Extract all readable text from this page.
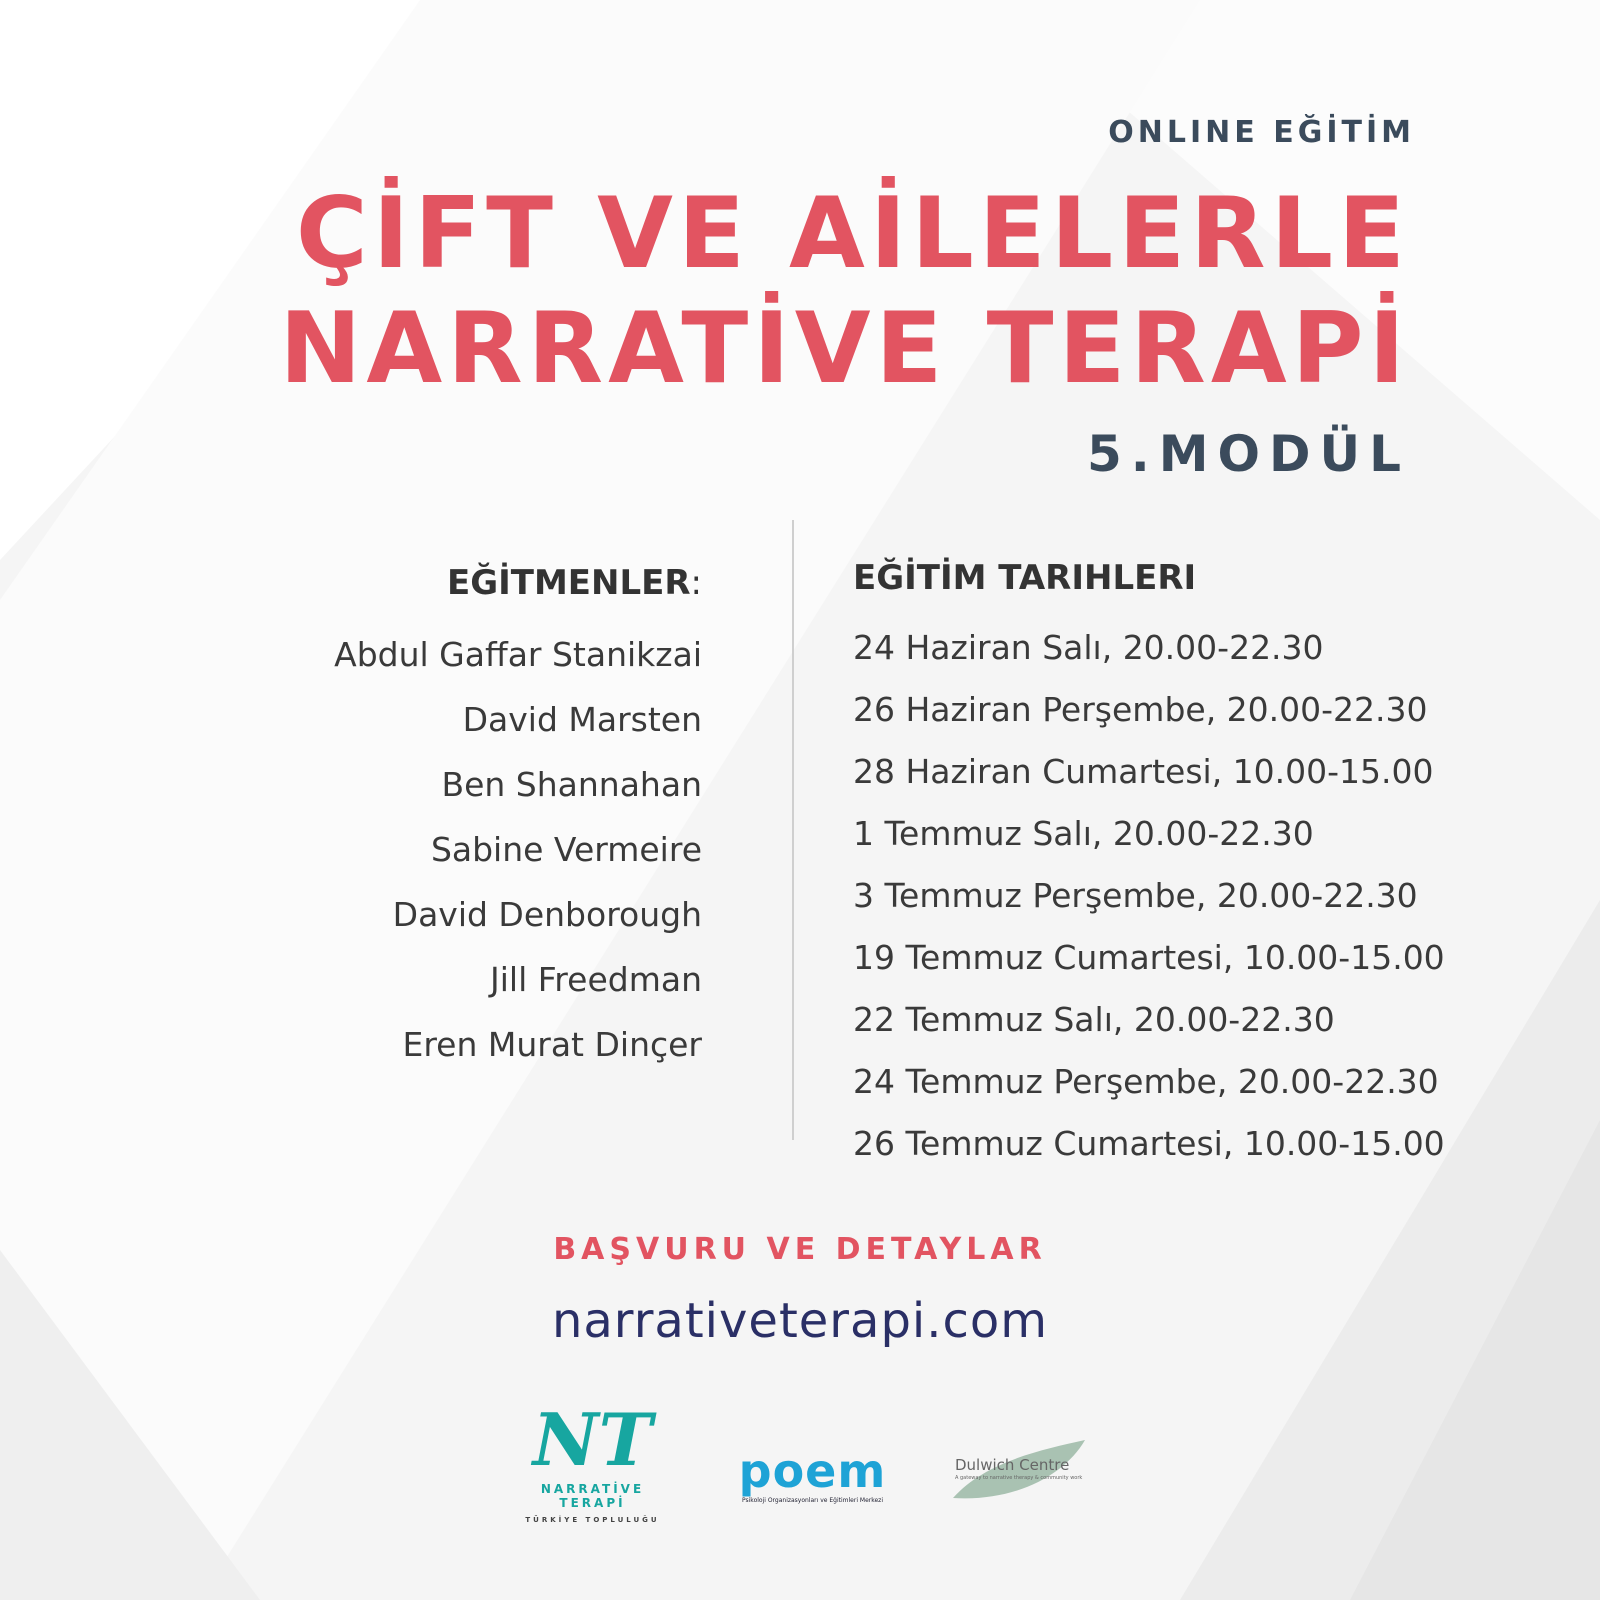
ONLINE EĞİTİM
ÇİFT VE AİLELERLE
NARRATİVE TERAPİ
5.MODÜL
EĞİTMENLER:
Abdul Gaffar Stanikzai
David Marsten
Ben Shannahan
Sabine Vermeire
David Denborough
Jill Freedman
Eren Murat Dinçer
EĞİTİM TARIHLERI
24 Haziran Salı, 20.00-22.30
26 Haziran Perşembe, 20.00-22.30
28 Haziran Cumartesi, 10.00-15.00
1 Temmuz Salı, 20.00-22.30
3 Temmuz Perşembe, 20.00-22.30
19 Temmuz Cumartesi, 10.00-15.00
22 Temmuz Salı, 20.00-22.30
24 Temmuz Perşembe, 20.00-22.30
26 Temmuz Cumartesi, 10.00-15.00
BAŞVURU VE DETAYLAR
narrativeterapi.com
NT
NARRATİVE TERAPİ
TÜRKİYE TOPLULUĞU
poem
Psikoloji Organizasyonları ve Eğitimleri Merkezi
Dulwich Centre
A gateway to narrative therapy & community work
